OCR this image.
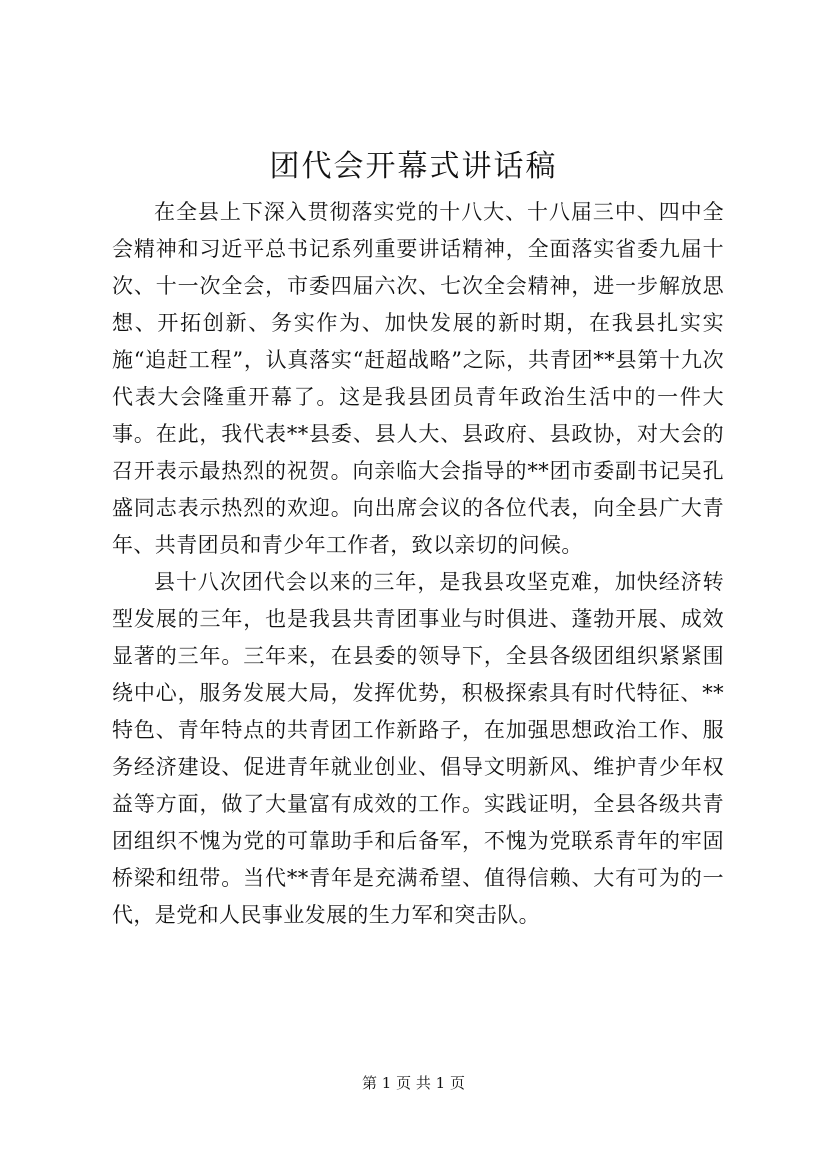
团代会开幕式讲话稿

在全县上下深入贯彻落实党的十八大、十八届三中、四中全会精神和习近平总书记系列重要讲话精神，全面落实省委九届十次、十一次全会，市委四届六次、七次全会精神，进一步解放思想、开拓创新、务实作为、加快发展的新时期，在我县扎实实施“追赶工程”，认真落实“赶超战略”之际，共青团**县第十九次代表大会隆重开幕了。这是我县团员青年政治生活中的一件大事。在此，我代表**县委、县人大、县政府、县政协，对大会的召开表示最热烈的祝贺。向亲临大会指导的**团市委副书记吴孔盛同志表示热烈的欢迎。向出席会议的各位代表，向全县广大青年、共青团员和青少年工作者，致以亲切的问候。

县十八次团代会以来的三年，是我县攻坚克难，加快经济转型发展的三年，也是我县共青团事业与时俱进、蓬勃开展、成效显著的三年。三年来，在县委的领导下，全县各级团组织紧紧围绕中心，服务发展大局，发挥优势，积极探索具有时代特征、**特色、青年特点的共青团工作新路子，在加强思想政治工作、服务经济建设、促进青年就业创业、倡导文明新风、维护青少年权益等方面，做了大量富有成效的工作。实践证明，全县各级共青团组织不愧为党的可靠助手和后备军，不愧为党联系青年的牢固桥梁和纽带。当代**青年是充满希望、值得信赖、大有可为的一代，是党和人民事业发展的生力军和突击队。

第 1 页 共 1 页
